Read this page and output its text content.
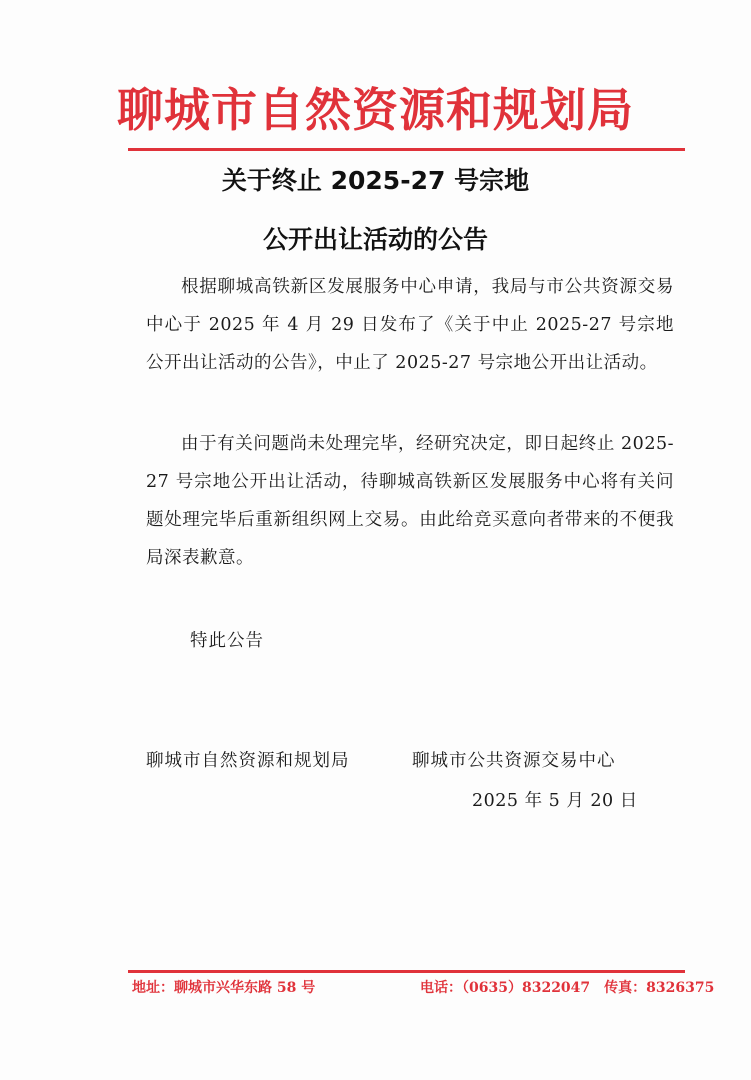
聊城市自然资源和规划局
关于终止 2025-27 号宗地
公开出让活动的公告
根据聊城高铁新区发展服务中心申请，我局与市公共资源交易中心于 2025 年 4 月 29 日发布了《关于中止 2025-27 号宗地公开出让活动的公告》，中止了 2025-27 号宗地公开出让活动。
由于有关问题尚未处理完毕，经研究决定，即日起终止 2025-27 号宗地公开出让活动，待聊城高铁新区发展服务中心将有关问题处理完毕后重新组织网上交易。由此给竞买意向者带来的不便我局深表歉意。
特此公告
聊城市自然资源和规划局	聊城市公共资源交易中心
2025 年 5 月 20 日
地址：聊城市兴华东路 58 号	电话：（0635）8322047　传真：8326375
